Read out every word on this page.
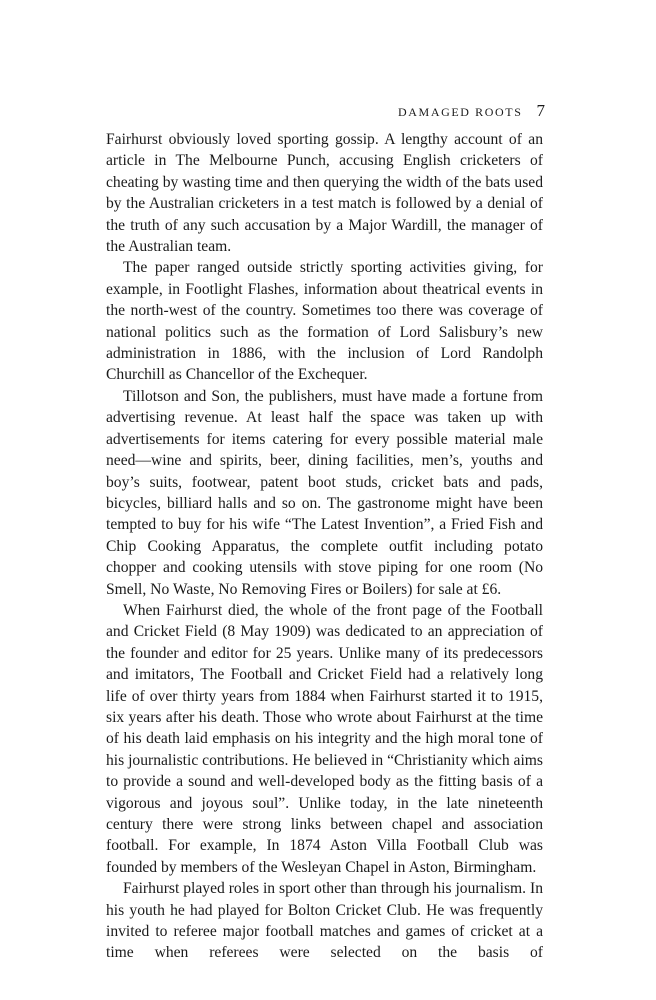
DAMAGED ROOTS 7

Fairhurst obviously loved sporting gossip. A lengthy account of an article in The Melbourne Punch, accusing English cricketers of cheating by wasting time and then querying the width of the bats used by the Australian cricketers in a test match is followed by a denial of the truth of any such accusation by a Major Wardill, the manager of the Australian team.

The paper ranged outside strictly sporting activities giving, for example, in Footlight Flashes, information about theatrical events in the north-west of the country. Sometimes too there was coverage of national politics such as the formation of Lord Salisbury’s new administration in 1886, with the inclusion of Lord Randolph Churchill as Chancellor of the Exchequer.

Tillotson and Son, the publishers, must have made a fortune from advertising revenue. At least half the space was taken up with advertisements for items catering for every possible material male need—wine and spirits, beer, dining facilities, men’s, youths and boy’s suits, footwear, patent boot studs, cricket bats and pads, bicycles, billiard halls and so on. The gastronome might have been tempted to buy for his wife “The Latest Invention”, a Fried Fish and Chip Cooking Apparatus, the complete outfit including potato chopper and cooking utensils with stove piping for one room (No Smell, No Waste, No Removing Fires or Boilers) for sale at £6.

When Fairhurst died, the whole of the front page of the Football and Cricket Field (8 May 1909) was dedicated to an appreciation of the founder and editor for 25 years. Unlike many of its predecessors and imitators, The Football and Cricket Field had a relatively long life of over thirty years from 1884 when Fairhurst started it to 1915, six years after his death. Those who wrote about Fairhurst at the time of his death laid emphasis on his integrity and the high moral tone of his journalistic contributions. He believed in “Christianity which aims to provide a sound and well-developed body as the fitting basis of a vigorous and joyous soul”. Unlike today, in the late nineteenth century there were strong links between chapel and association football. For example, In 1874 Aston Villa Football Club was founded by members of the Wesleyan Chapel in Aston, Birmingham.

Fairhurst played roles in sport other than through his journalism. In his youth he had played for Bolton Cricket Club. He was frequently invited to referee major football matches and games of cricket at a time when referees were selected on the basis of
